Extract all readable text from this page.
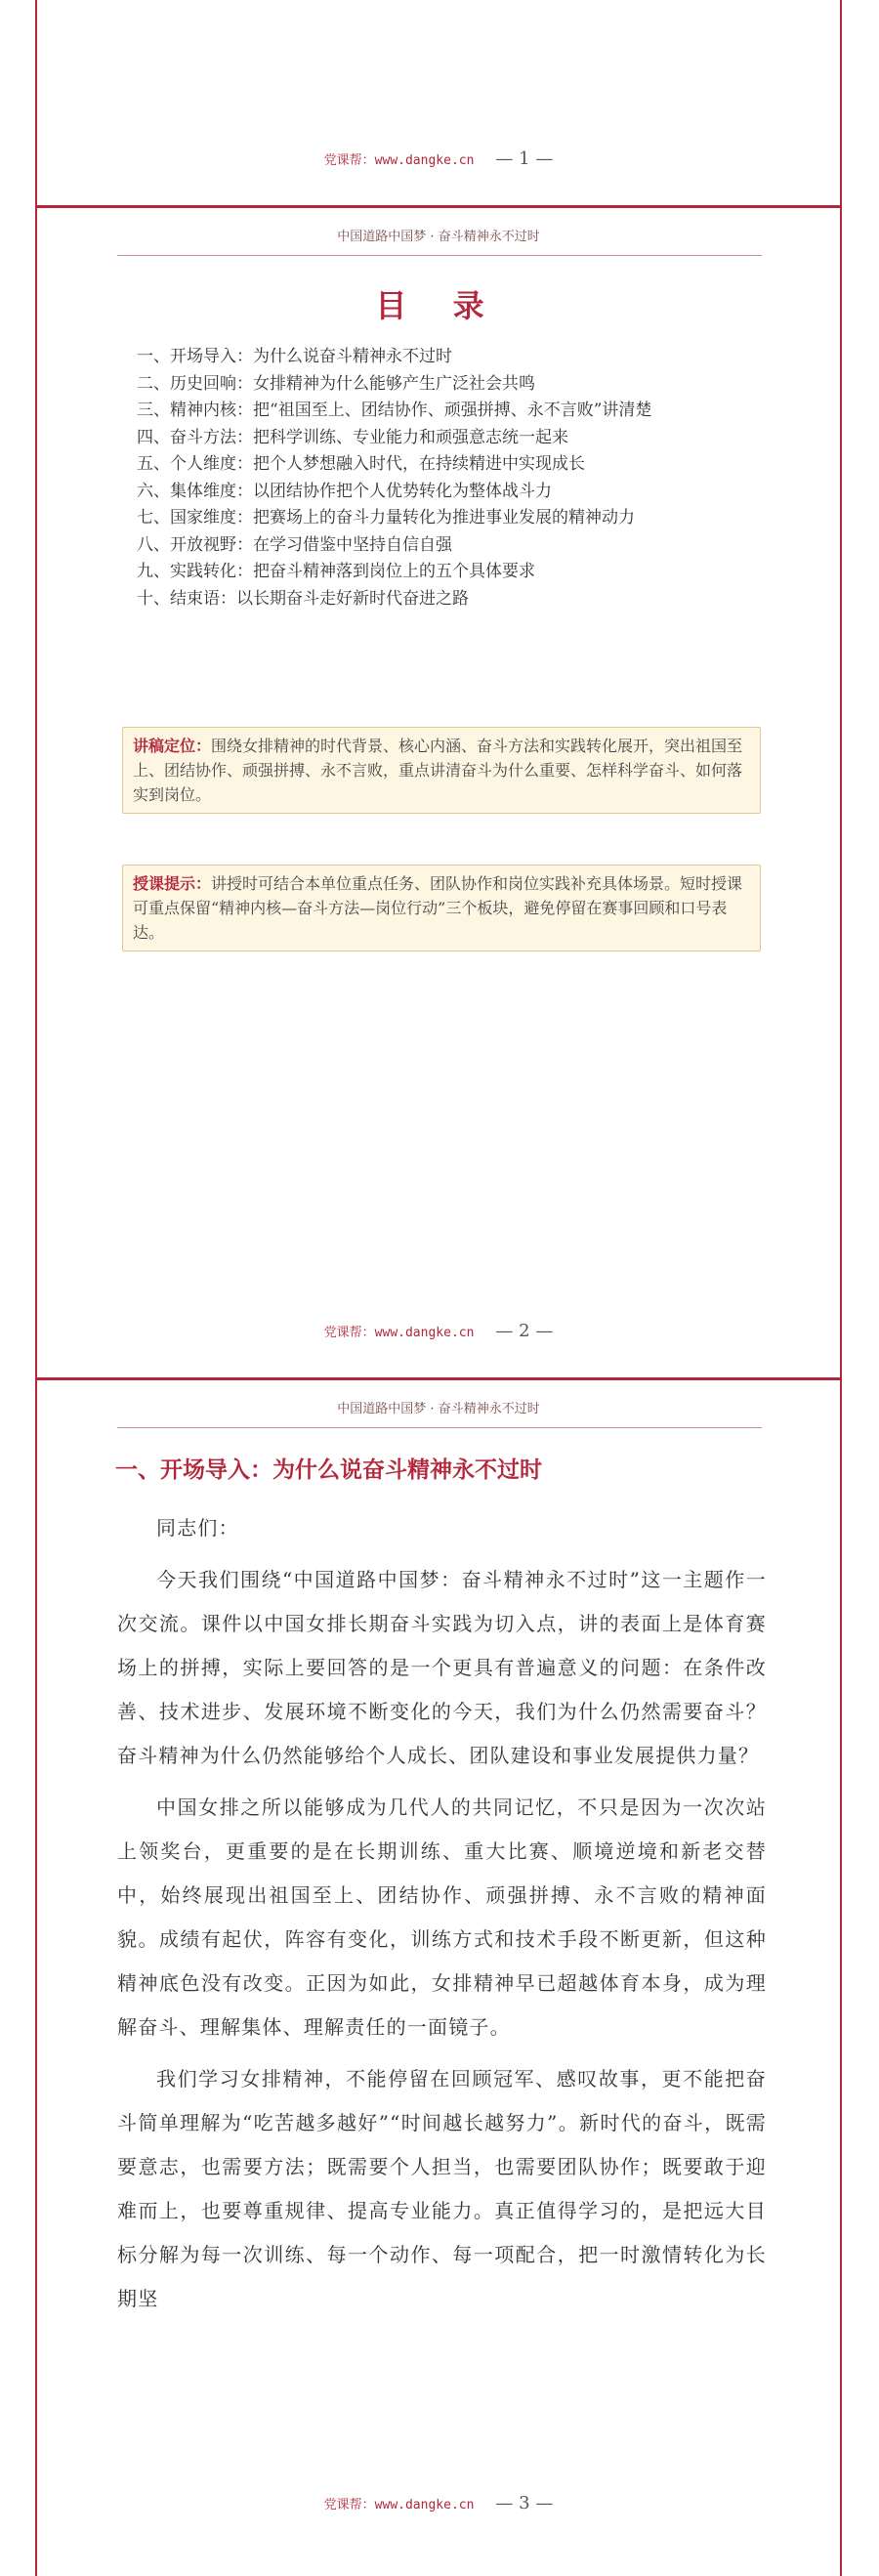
党课帮：www.dangke.cn — 1 —
中国道路中国梦 · 奋斗精神永不过时
目 录
一、开场导入：为什么说奋斗精神永不过时
二、历史回响：女排精神为什么能够产生广泛社会共鸣
三、精神内核：把“祖国至上、团结协作、顽强拼搏、永不言败”讲清楚
四、奋斗方法：把科学训练、专业能力和顽强意志统一起来
五、个人维度：把个人梦想融入时代，在持续精进中实现成长
六、集体维度：以团结协作把个人优势转化为整体战斗力
七、国家维度：把赛场上的奋斗力量转化为推进事业发展的精神动力
八、开放视野：在学习借鉴中坚持自信自强
九、实践转化：把奋斗精神落到岗位上的五个具体要求
十、结束语：以长期奋斗走好新时代奋进之路
讲稿定位：围绕女排精神的时代背景、核心内涵、奋斗方法和实践转化展开，突出祖国至上、团结协作、顽强拼搏、永不言败，重点讲清奋斗为什么重要、怎样科学奋斗、如何落实到岗位。
授课提示：讲授时可结合本单位重点任务、团队协作和岗位实践补充具体场景。短时授课可重点保留“精神内核—奋斗方法—岗位行动”三个板块，避免停留在赛事回顾和口号表达。
党课帮：www.dangke.cn — 2 —
中国道路中国梦 · 奋斗精神永不过时
一、开场导入：为什么说奋斗精神永不过时

同志们：

今天我们围绕“中国道路中国梦：奋斗精神永不过时”这一主题作一次交流。课件以中国女排长期奋斗实践为切入点，讲的表面上是体育赛场上的拼搏，实际上要回答的是一个更具有普遍意义的问题：在条件改善、技术进步、发展环境不断变化的今天，我们为什么仍然需要奋斗？奋斗精神为什么仍然能够给个人成长、团队建设和事业发展提供力量？

中国女排之所以能够成为几代人的共同记忆，不只是因为一次次站上领奖台，更重要的是在长期训练、重大比赛、顺境逆境和新老交替中，始终展现出祖国至上、团结协作、顽强拼搏、永不言败的精神面貌。成绩有起伏，阵容有变化，训练方式和技术手段不断更新，但这种精神底色没有改变。正因为如此，女排精神早已超越体育本身，成为理解奋斗、理解集体、理解责任的一面镜子。

我们学习女排精神，不能停留在回顾冠军、感叹故事，更不能把奋斗简单理解为“吃苦越多越好”“时间越长越努力”。新时代的奋斗，既需要意志，也需要方法；既需要个人担当，也需要团队协作；既要敢于迎难而上，也要尊重规律、提高专业能力。真正值得学习的，是把远大目标分解为每一次训练、每一个动作、每一项配合，把一时激情转化为长期坚

党课帮：www.dangke.cn — 3 —
